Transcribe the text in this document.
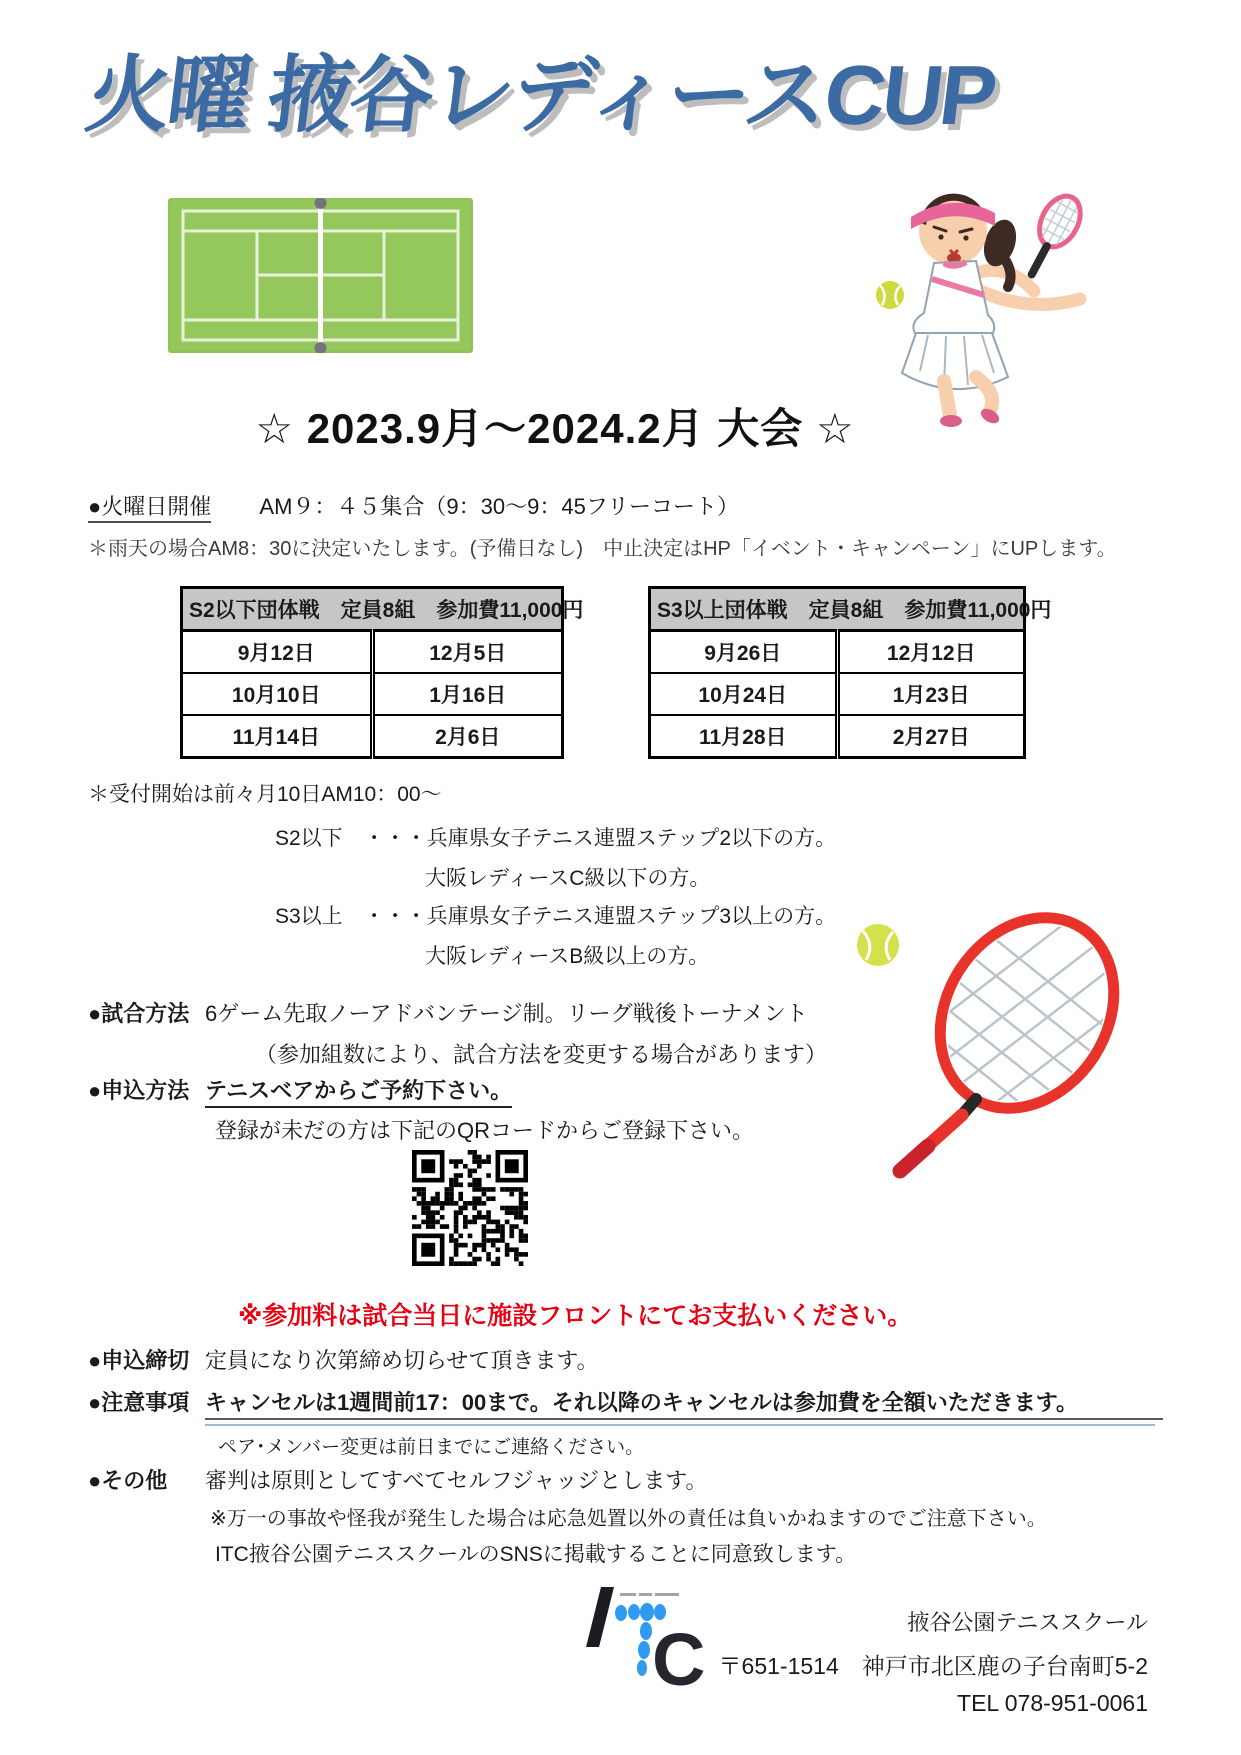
火曜 掖谷レディースCUP
☆ 2023.9月～2024.2月 大会 ☆
●火曜日開催 AM９：４５集合（9：30～9：45フリーコート）
＊雨天の場合AM8：30に決定いたします。(予備日なし)　中止決定はHP「イベント・キャンペーン」にUPします。
S2以下団体戦　定員8組　参加費11,000円	
9月12日	12月5日
10月10日	1月16日
11月14日	2月6日
S3以上団体戦　定員8組　参加費11,000円	
9月26日	12月12日
10月24日	1月23日
11月28日	2月27日
＊受付開始は前々月10日AM10：00～
S2以下　・・・兵庫県女子テニス連盟ステップ2以下の方。
大阪レディースC級以下の方。
S3以上　・・・兵庫県女子テニス連盟ステップ3以上の方。
大阪レディースB級以上の方。
●試合方法 6ゲーム先取ノーアドバンテージ制。リーグ戦後トーナメント
（参加組数により、試合方法を変更する場合があります）
●申込方法 テニスベアからご予約下さい。
登録が未だの方は下記のQRコードからご登録下さい。
※参加料は試合当日に施設フロントにてお支払いください。
●申込締切 定員になり次第締め切らせて頂きます。
●注意事項 キャンセルは1週間前17：00まで。それ以降のキャンセルは参加費を全額いただきます。
ペア･メンバー変更は前日までにご連絡ください。
●その他 審判は原則としてすべてセルフジャッジとします。
※万一の事故や怪我が発生した場合は応急処置以外の責任は負いかねますのでご注意下さい。
ITC掖谷公園テニススクールのSNSに掲載することに同意致します。
C	掖谷公園テニススクール
〒651-1514　神戸市北区鹿の子台南町5-2
TEL 078-951-0061
